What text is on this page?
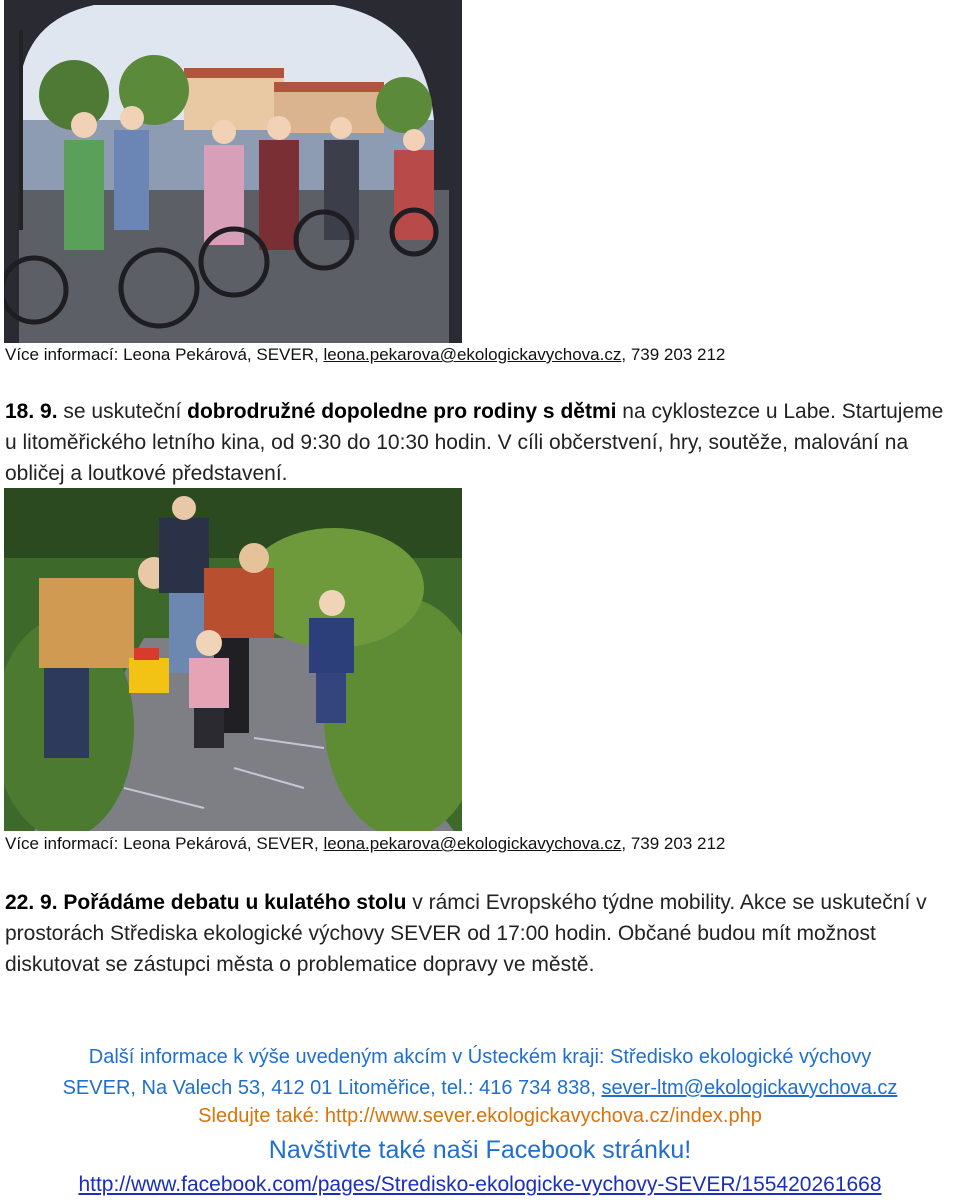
Více informací: Leona Pekárová, SEVER, leona.pekarova@ekologickavychova.cz, 739 203 212
18. 9. se uskuteční dobrodružné dopoledne pro rodiny s dětmi na cyklostezce u Labe. Startujeme u litoměřického letního kina, od 9:30 do 10:30 hodin. V cíli občerstvení, hry, soutěže, malování na obličej a loutkové představení.
Více informací: Leona Pekárová, SEVER, leona.pekarova@ekologickavychova.cz, 739 203 212
22. 9. Pořádáme debatu u kulatého stolu v rámci Evropského týdne mobility. Akce se uskuteční v prostorách Střediska ekologické výchovy SEVER od 17:00 hodin. Občané budou mít možnost diskutovat se zástupci města o problematice dopravy ve městě.
Další informace k výše uvedeným akcím v Ústeckém kraji: Středisko ekologické výchovy
SEVER, Na Valech 53, 412 01 Litoměřice, tel.: 416 734 838, sever-ltm@ekologickavychova.cz
Sledujte také: http://www.sever.ekologickavychova.cz/index.php
Navštivte také naši Facebook stránku!
http://www.facebook.com/pages/Stredisko-ekologicke-vychovy-SEVER/155420261668
